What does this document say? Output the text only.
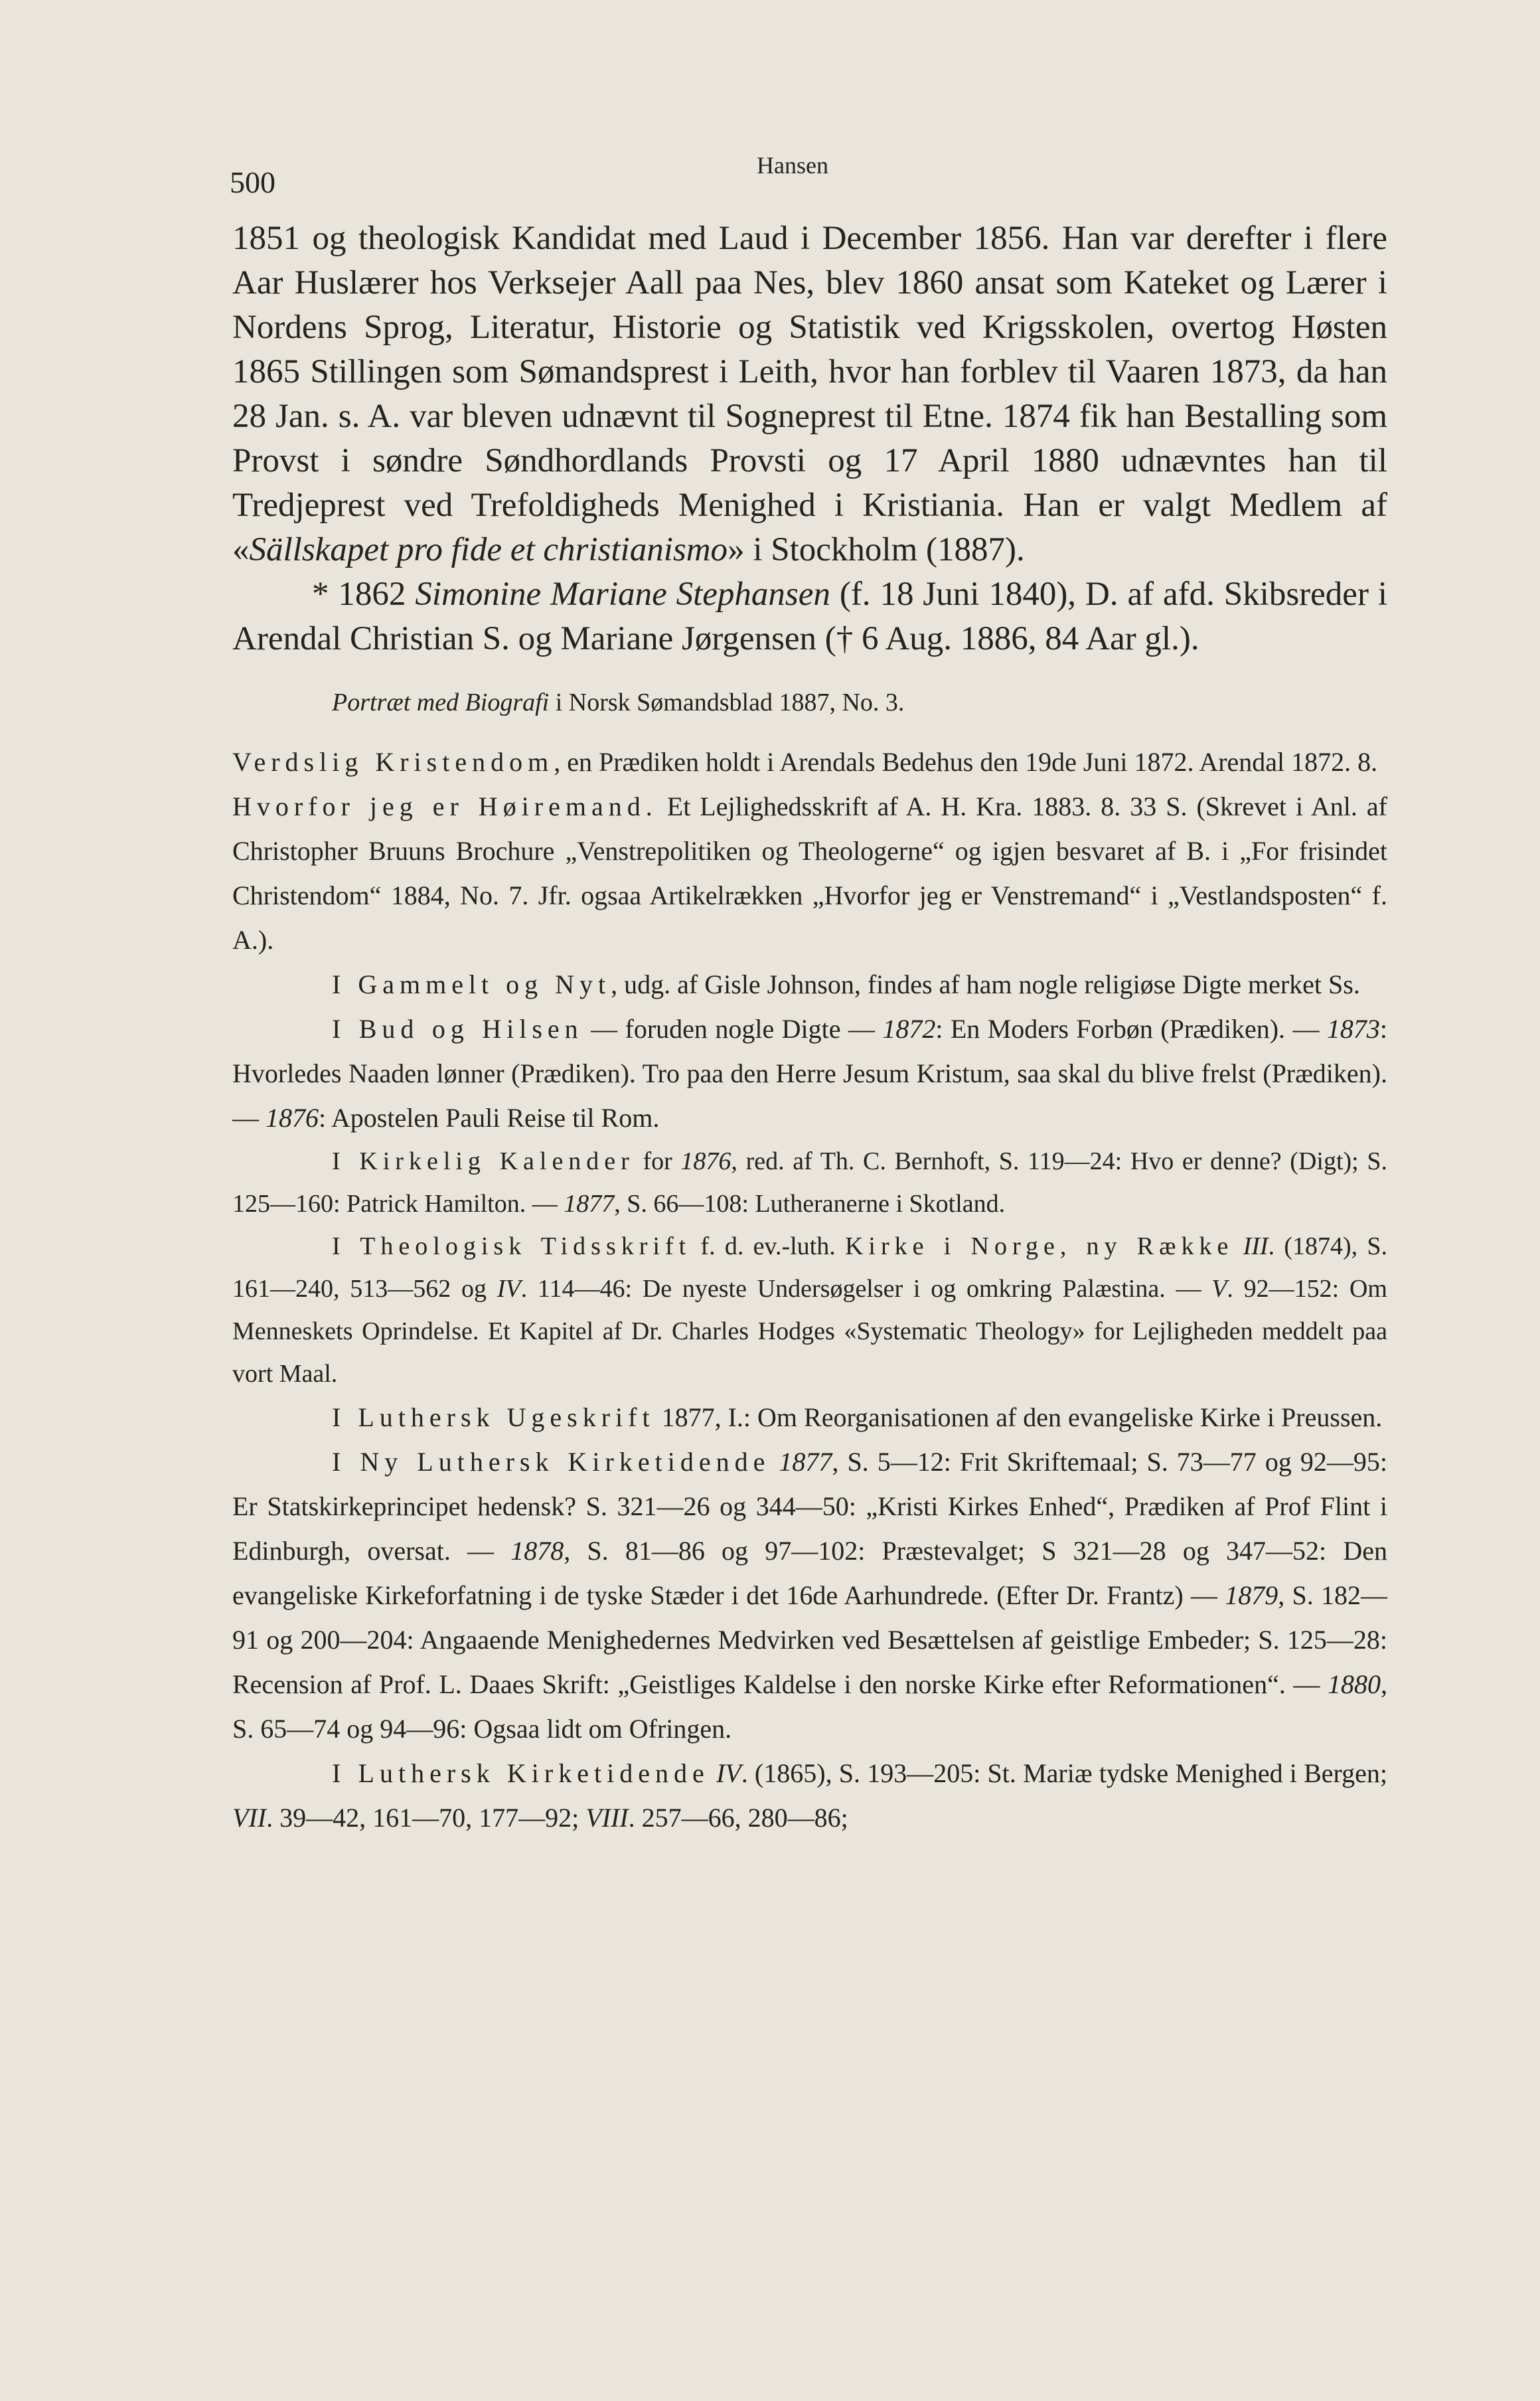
500	Hansen

1851 og theologisk Kandidat med Laud i December 1856. Han var derefter i flere Aar Huslærer hos Verksejer Aall paa Nes, blev 1860 ansat som Kateket og Lærer i Nordens Sprog, Literatur, Historie og Statistik ved Krigsskolen, overtog Høsten 1865 Stillingen som Sømandsprest i Leith, hvor han forblev til Vaaren 1873, da han 28 Jan. s. A. var bleven udnævnt til Sogneprest til Etne. 1874 fik han Bestalling som Provst i søndre Søndhordlands Provsti og 17 April 1880 udnævntes han til Tredjeprest ved Trefoldigheds Menighed i Kristiania. Han er valgt Medlem af «Sällskapet pro fide et christianismo» i Stockholm (1887).

* 1862 Simonine Mariane Stephansen (f. 18 Juni 1840), D. af afd. Skibsreder i Arendal Christian S. og Mariane Jørgensen († 6 Aug. 1886, 84 Aar gl.).

Portræt med Biografi i Norsk Sømandsblad 1887, No. 3.

Verdslig Kristendom, en Prædiken holdt i Arendals Bedehus den 19de Juni 1872. Arendal 1872. 8.

Hvorfor jeg er Høiremand. Et Lejlighedsskrift af A. H. Kra. 1883. 8. 33 S. (Skrevet i Anl. af Christopher Bruuns Brochure „Venstrepolitiken og Theologerne“ og igjen besvaret af B. i „For frisindet Christendom“ 1884, No. 7. Jfr. ogsaa Artikelrækken „Hvorfor jeg er Venstremand“ i „Vestlandsposten“ f. A.).

I Gammelt og Nyt, udg. af Gisle Johnson, findes af ham nogle religiøse Digte merket Ss.

I Bud og Hilsen — foruden nogle Digte — 1872: En Moders Forbøn (Prædiken). — 1873: Hvorledes Naaden lønner (Prædiken). Tro paa den Herre Jesum Kristum, saa skal du blive frelst (Prædiken). — 1876: Apostelen Pauli Reise til Rom.

I Kirkelig Kalender for 1876, red. af Th. C. Bernhoft, S. 119—24: Hvo er denne? (Digt); S. 125—160: Patrick Hamilton. — 1877, S. 66—108: Lutheranerne i Skotland.

I Theologisk Tidsskrift f. d. ev.-luth. Kirke i Norge, ny Række III. (1874), S. 161—240, 513—562 og IV. 114—46: De nyeste Undersøgelser i og omkring Palæstina. — V. 92—152: Om Menneskets Oprindelse. Et Kapitel af Dr. Charles Hodges «Systematic Theology» for Lejligheden meddelt paa vort Maal.

I Luthersk Ugeskrift 1877, I.: Om Reorganisationen af den evangeliske Kirke i Preussen.

I Ny Luthersk Kirketidende 1877, S. 5—12: Frit Skriftemaal; S. 73—77 og 92—95: Er Statskirkeprincipet hedensk? S. 321—26 og 344—50: „Kristi Kirkes Enhed“, Prædiken af Prof Flint i Edinburgh, oversat. — 1878, S. 81—86 og 97—102: Præstevalget; S 321—28 og 347—52: Den evangeliske Kirkeforfatning i de tyske Stæder i det 16de Aarhundrede. (Efter Dr. Frantz) — 1879, S. 182—91 og 200—204: Angaaende Menighedernes Medvirken ved Besættelsen af geistlige Embeder; S. 125—28: Recension af Prof. L. Daaes Skrift: „Geistliges Kaldelse i den norske Kirke efter Reformationen“. — 1880, S. 65—74 og 94—96: Ogsaa lidt om Ofringen.

I Luthersk Kirketidende IV. (1865), S. 193—205: St. Mariæ tydske Menighed i Bergen; VII. 39—42, 161—70, 177—92; VIII. 257—66, 280—86;
